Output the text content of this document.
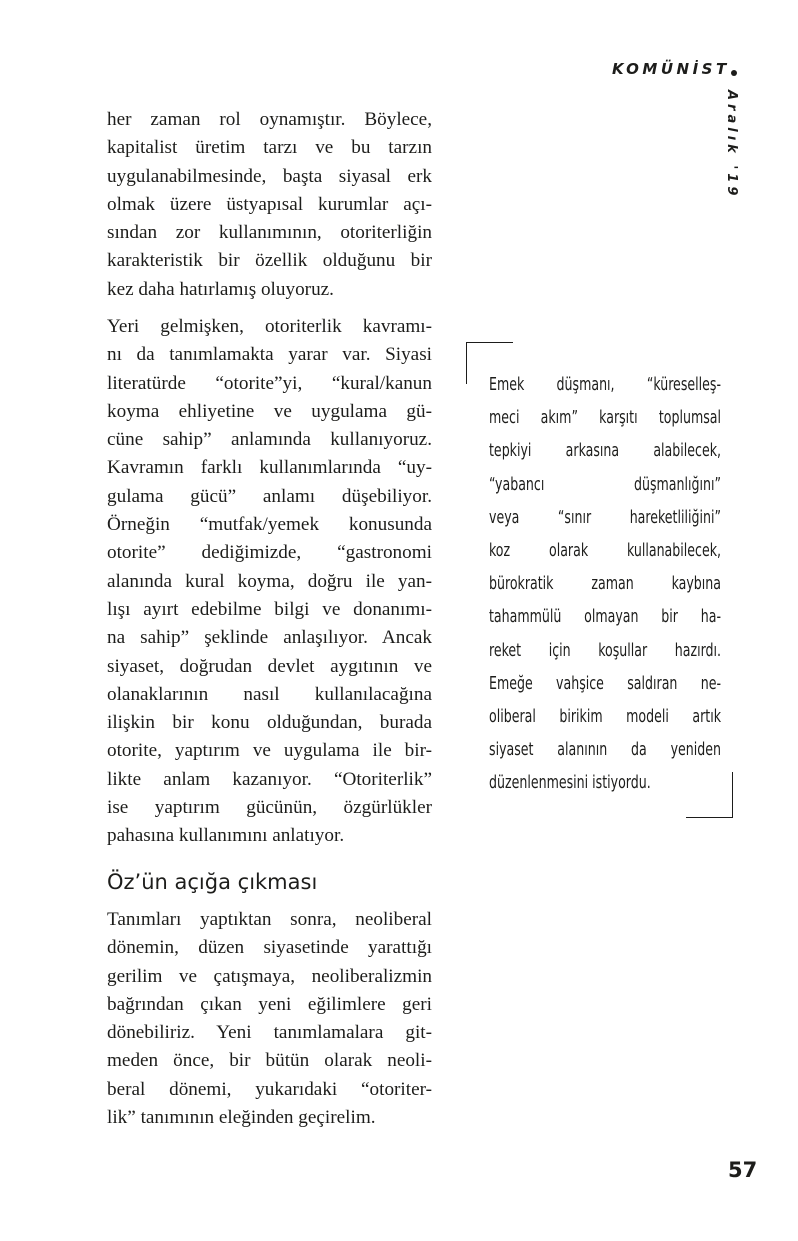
KOMÜNİST
Aralık '19
her zaman rol oynamıştır. Böylece,
kapitalist üretim tarzı ve bu tarzın
uygulanabilmesinde, başta siyasal erk
olmak üzere üstyapısal kurumlar açı-
sından zor kullanımının, otoriterliğin
karakteristik bir özellik olduğunu bir
kez daha hatırlamış oluyoruz.
Yeri gelmişken, otoriterlik kavramı-
nı da tanımlamakta yarar var. Siyasi
literatürde “otorite”yi, “kural/kanun
koyma ehliyetine ve uygulama gü-
cüne sahip” anlamında kullanıyoruz.
Kavramın farklı kullanımlarında “uy-
gulama gücü” anlamı düşebiliyor.
Örneğin “mutfak/yemek konusunda
otorite” dediğimizde, “gastronomi
alanında kural koyma, doğru ile yan-
lışı ayırt edebilme bilgi ve donanımı-
na sahip” şeklinde anlaşılıyor. Ancak
siyaset, doğrudan devlet aygıtının ve
olanaklarının nasıl kullanılacağına
ilişkin bir konu olduğundan, burada
otorite, yaptırım ve uygulama ile bir-
likte anlam kazanıyor. “Otoriterlik”
ise yaptırım gücünün, özgürlükler
pahasına kullanımını anlatıyor.
Öz’ün açığa çıkması
Tanımları yaptıktan sonra, neoliberal
dönemin, düzen siyasetinde yarattığı
gerilim ve çatışmaya, neoliberalizmin
bağrından çıkan yeni eğilimlere geri
dönebiliriz. Yeni tanımlamalara git-
meden önce, bir bütün olarak neoli-
beral dönemi, yukarıdaki “otoriter-
lik” tanımının eleğinden geçirelim.
Emek düşmanı, “küreselleş-
meci akım” karşıtı toplumsal
tepkiyi arkasına alabilecek,
“yabancı düşmanlığını”
veya “sınır hareketliliğini”
koz olarak kullanabilecek,
bürokratik zaman kaybına
tahammülü olmayan bir ha-
reket için koşullar hazırdı.
Emeğe vahşice saldıran ne-
oliberal birikim modeli artık
siyaset alanının da yeniden
düzenlenmesini istiyordu.
57
